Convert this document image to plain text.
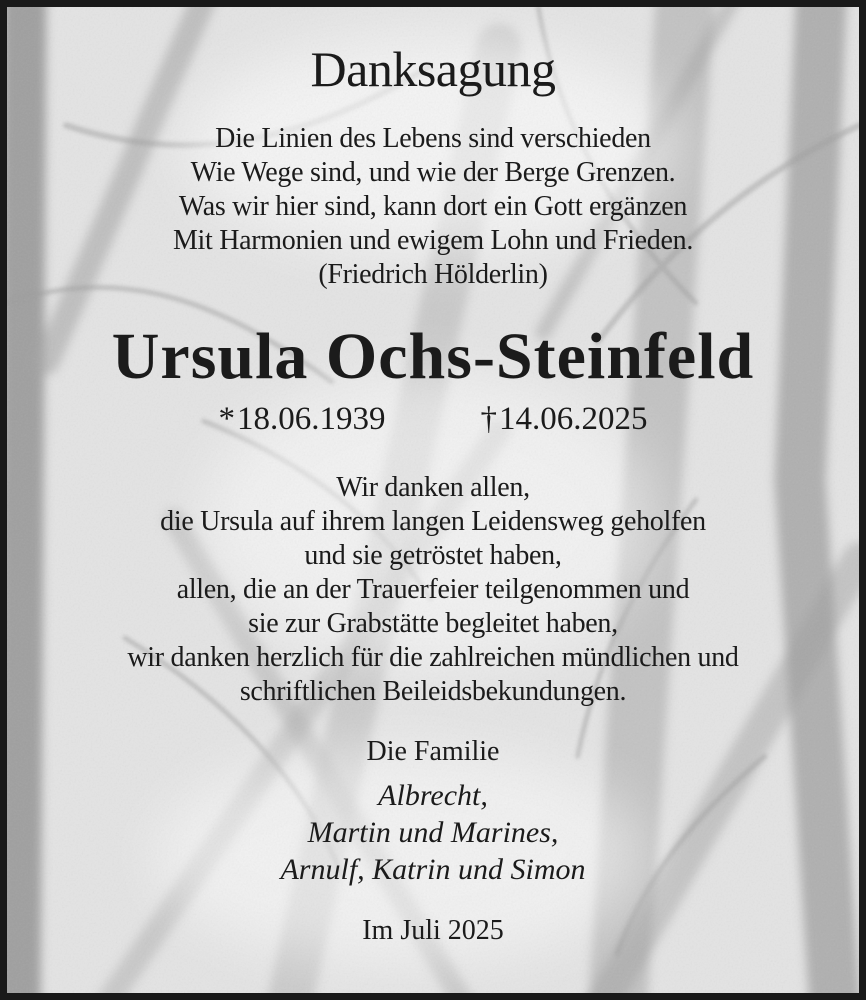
Danksagung
Die Linien des Lebens sind verschieden
Wie Wege sind, und wie der Berge Grenzen.
Was wir hier sind, kann dort ein Gott ergänzen
Mit Harmonien und ewigem Lohn und Frieden.
(Friedrich Hölderlin)
Ursula Ochs-Steinfeld
*18.06.1939	†14.06.2025
Wir danken allen,
die Ursula auf ihrem langen Leidensweg geholfen
und sie getröstet haben,
allen, die an der Trauerfeier teilgenommen und
sie zur Grabstätte begleitet haben,
wir danken herzlich für die zahlreichen mündlichen und
schriftlichen Beileidsbekundungen.
Die Familie
Albrecht,
Martin und Marines,
Arnulf, Katrin und Simon
Im Juli 2025
